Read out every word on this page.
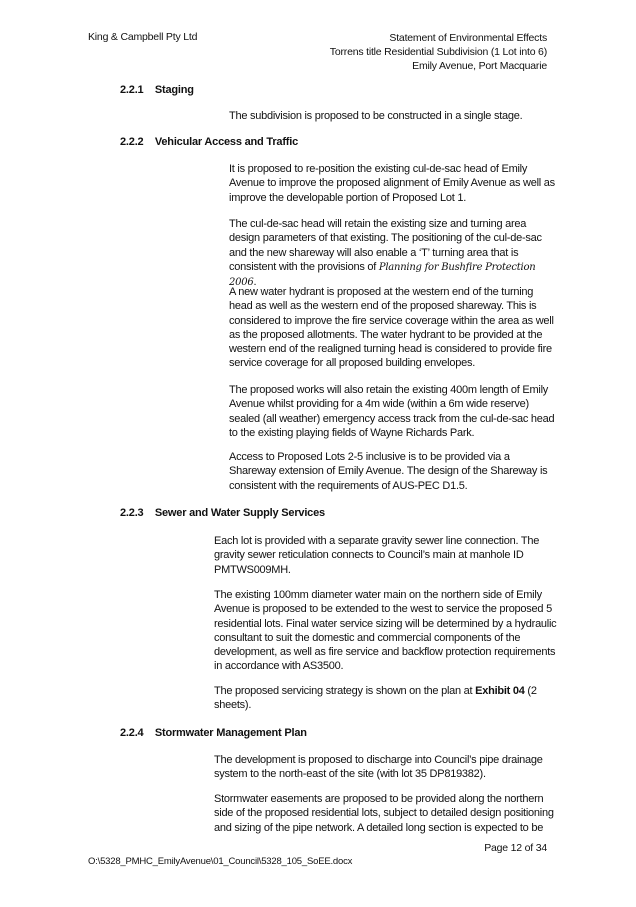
King & Campbell Pty Ltd	Statement of Environmental Effects
Torrens title Residential Subdivision (1 Lot into 6)
Emily Avenue, Port Macquarie
2.2.1 Staging

The subdivision is proposed to be constructed in a single stage.

2.2.2 Vehicular Access and Traffic

It is proposed to re-position the existing cul-de-sac head of Emily Avenue to improve the proposed alignment of Emily Avenue as well as improve the developable portion of Proposed Lot 1.

The cul-de-sac head will retain the existing size and turning area design parameters of that existing. The positioning of the cul-de-sac and the new shareway will also enable a ‘T’ turning area that is consistent with the provisions of Planning for Bushfire Protection 2006.

A new water hydrant is proposed at the western end of the turning head as well as the western end of the proposed shareway. This is considered to improve the fire service coverage within the area as well as the proposed allotments. The water hydrant to be provided at the western end of the realigned turning head is considered to provide fire service coverage for all proposed building envelopes.

The proposed works will also retain the existing 400m length of Emily Avenue whilst providing for a 4m wide (within a 6m wide reserve) sealed (all weather) emergency access track from the cul-de-sac head to the existing playing fields of Wayne Richards Park.

Access to Proposed Lots 2-5 inclusive is to be provided via a Shareway extension of Emily Avenue. The design of the Shareway is consistent with the requirements of AUS-PEC D1.5.

2.2.3 Sewer and Water Supply Services

Each lot is provided with a separate gravity sewer line connection. The gravity sewer reticulation connects to Council’s main at manhole ID PMTWS009MH.

The existing 100mm diameter water main on the northern side of Emily Avenue is proposed to be extended to the west to service the proposed 5 residential lots. Final water service sizing will be determined by a hydraulic consultant to suit the domestic and commercial components of the development, as well as fire service and backflow protection requirements in accordance with AS3500.

The proposed servicing strategy is shown on the plan at Exhibit 04 (2 sheets).

2.2.4 Stormwater Management Plan

The development is proposed to discharge into Council’s pipe drainage system to the north-east of the site (with lot 35 DP819382).

Stormwater easements are proposed to be provided along the northern side of the proposed residential lots, subject to detailed design positioning and sizing of the pipe network. A detailed long section is expected to be

Page 12 of 34
O:\5328_PMHC_EmilyAvenue\01_Council\5328_105_SoEE.docx
